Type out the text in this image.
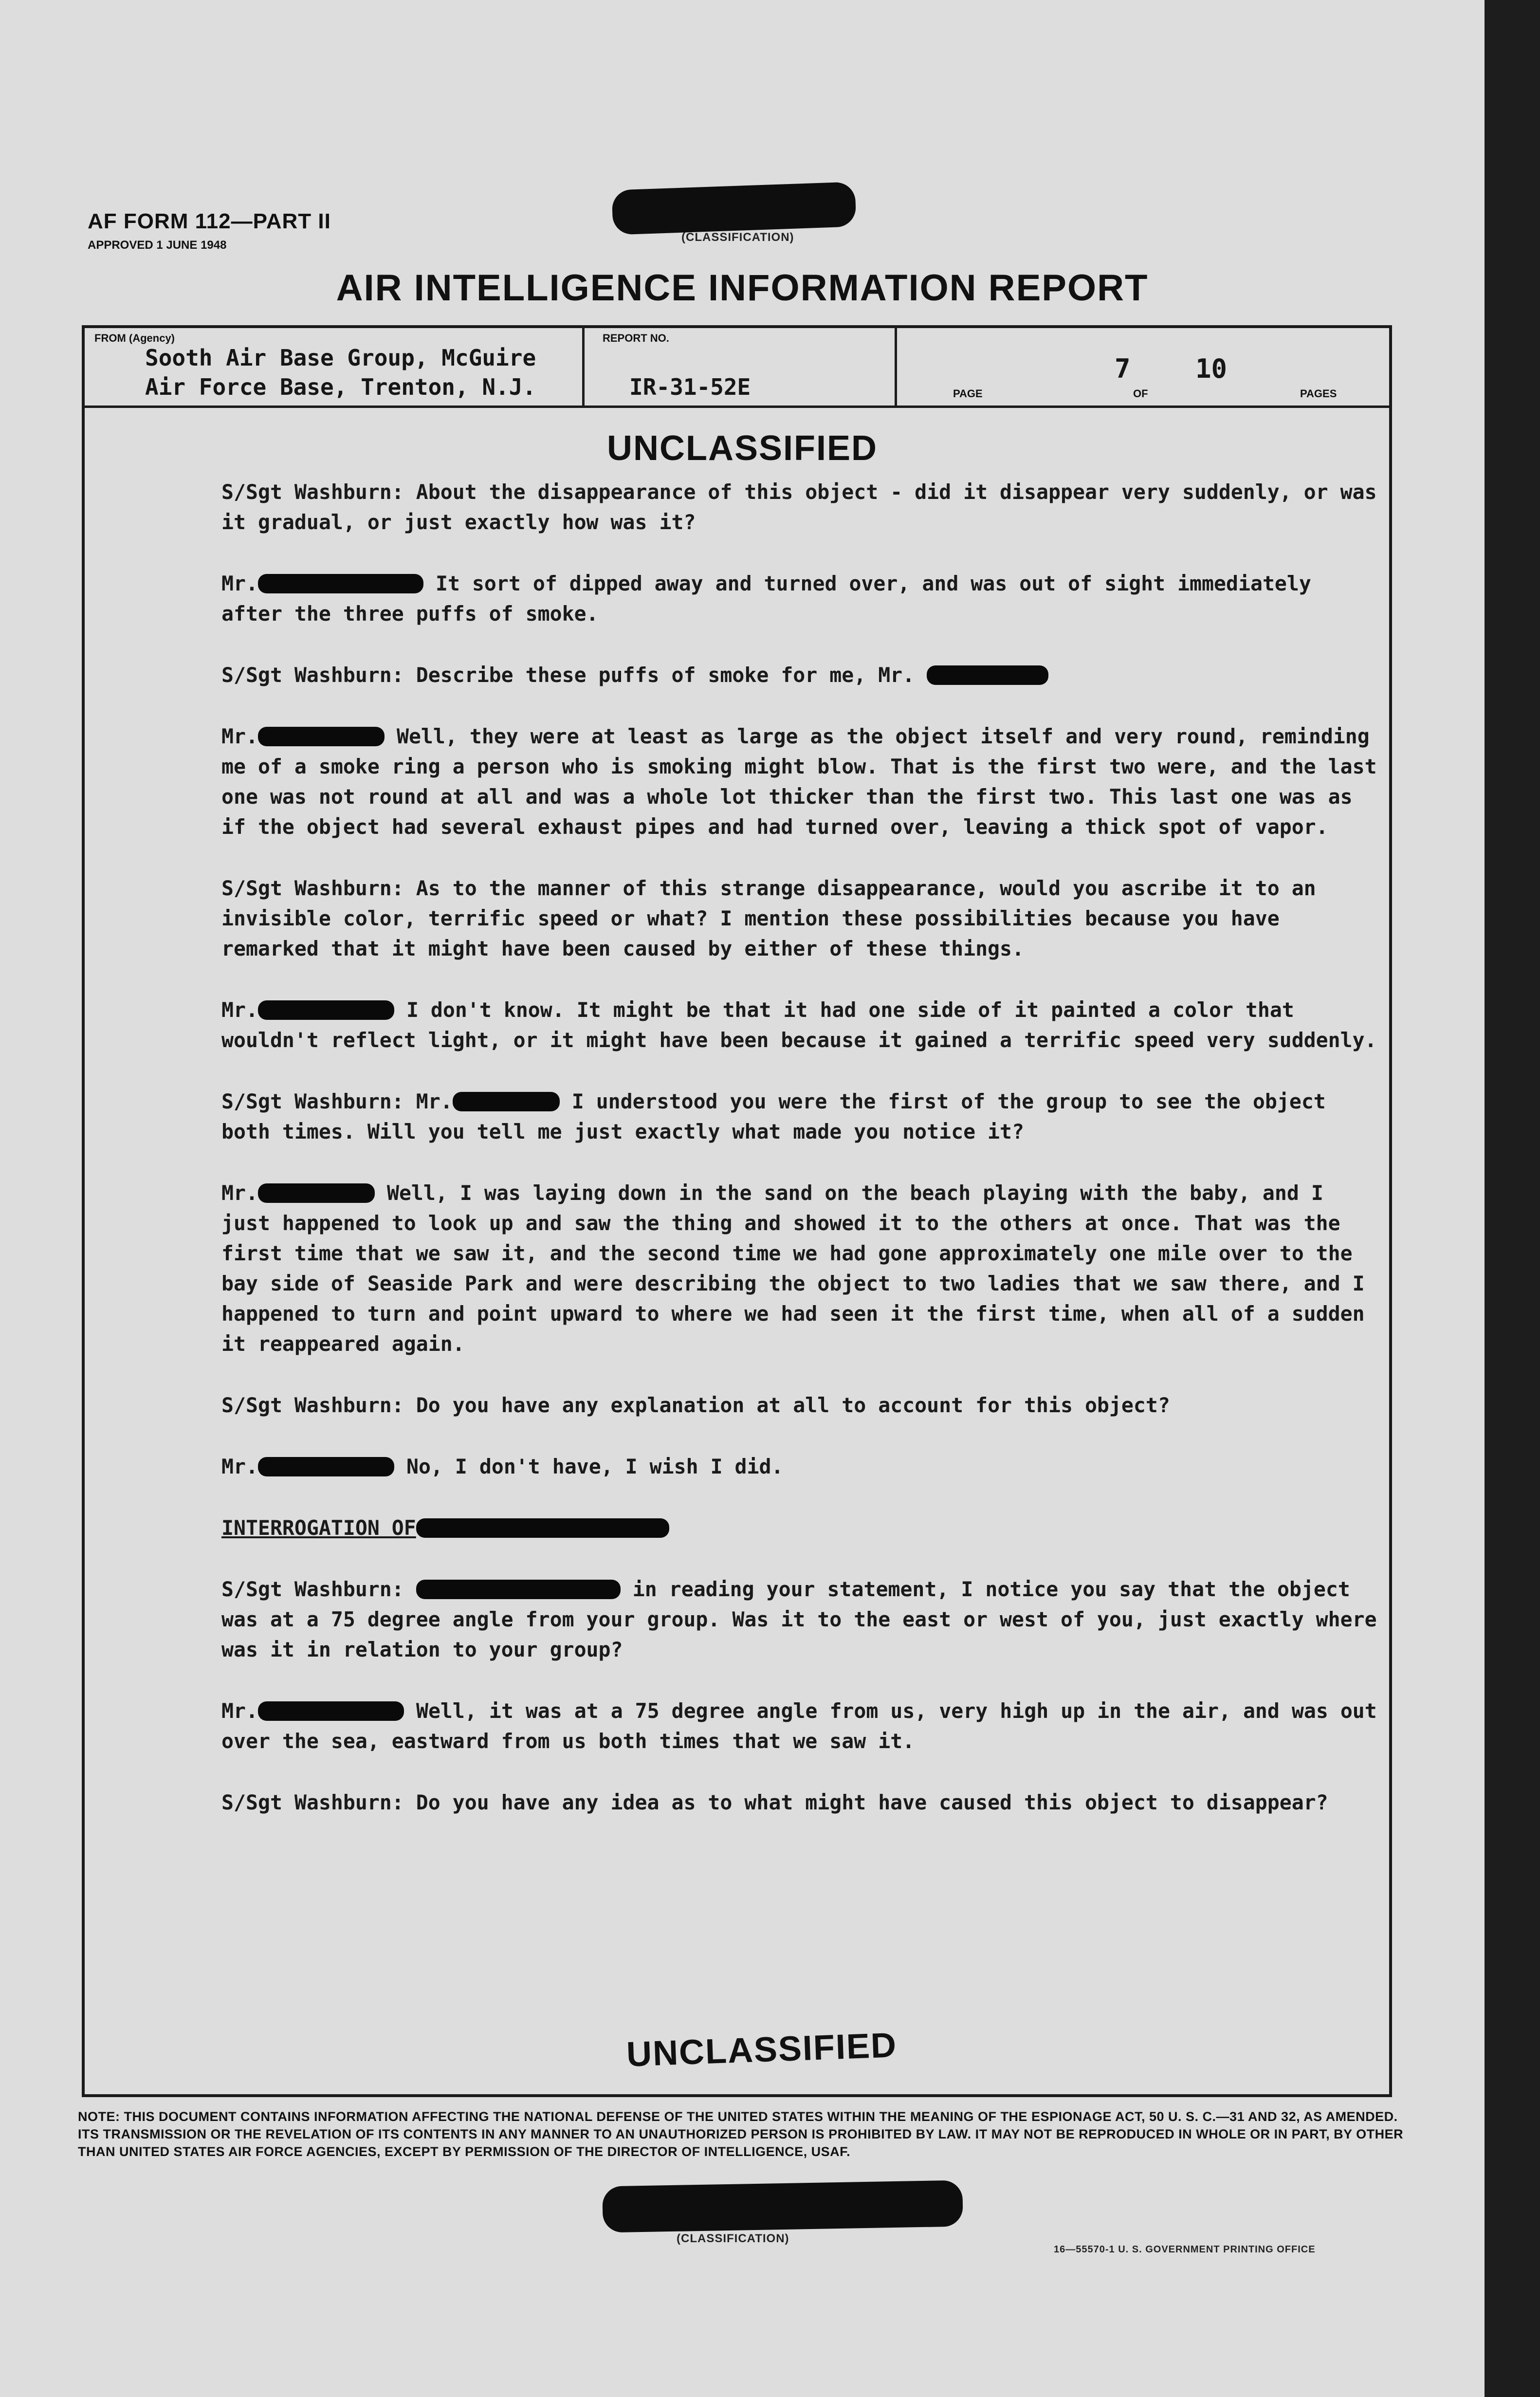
AF FORM 112—PART II
APPROVED 1 JUNE 1948
(CLASSIFICATION)
AIR INTELLIGENCE INFORMATION REPORT
FROM (Agency)
Sooth Air Base Group, McGuire
Air Force Base, Trenton, N.J.
REPORT NO.
IR-31-52E	PAGE
7
OF
10
PAGES
UNCLASSIFIED

S/Sgt Washburn: About the disappearance of this object - did it disappear very suddenly, or was it gradual, or just exactly how was it?

Mr.	It sort of dipped away and turned over, and was out of sight immediately after the three puffs of smoke.

S/Sgt Washburn: Describe these puffs of smoke for me, Mr.

Mr.	Well, they were at least as large as the object itself and very round, reminding me of a smoke ring a person who is smoking might blow. That is the first two were, and the last one was not round at all and was a whole lot thicker than the first two. This last one was as if the object had several exhaust pipes and had turned over, leaving a thick spot of vapor.

S/Sgt Washburn: As to the manner of this strange disappearance, would you ascribe it to an invisible color, terrific speed or what? I mention these possibilities because you have remarked that it might have been caused by either of these things.

Mr.	I don't know. It might be that it had one side of it painted a color that wouldn't reflect light, or it might have been because it gained a terrific speed very suddenly.

S/Sgt Washburn: Mr.	I understood you were the first of the group to see the object both times. Will you tell me just exactly what made you notice it?

Mr.	Well, I was laying down in the sand on the beach playing with the baby, and I just happened to look up and saw the thing and showed it to the others at once. That was the first time that we saw it, and the second time we had gone approximately one mile over to the bay side of Seaside Park and were describing the object to two ladies that we saw there, and I happened to turn and point upward to where we had seen it the first time, when all of a sudden it reappeared again.

S/Sgt Washburn: Do you have any explanation at all to account for this object?

Mr.	No, I don't have, I wish I did.

INTERROGATION OF

S/Sgt Washburn:	in reading your statement, I notice you say that the object was at a 75 degree angle from your group. Was it to the east or west of you, just exactly where was it in relation to your group?

Mr.	Well, it was at a 75 degree angle from us, very high up in the air, and was out over the sea, eastward from us both times that we saw it.

S/Sgt Washburn: Do you have any idea as to what might have caused this object to disappear?

UNCLASSIFIED
NOTE: THIS DOCUMENT CONTAINS INFORMATION AFFECTING THE NATIONAL DEFENSE OF THE UNITED STATES WITHIN THE MEANING OF THE ESPIONAGE ACT, 50 U. S. C.—31 AND 32, AS AMENDED. ITS TRANSMISSION OR THE REVELATION OF ITS CONTENTS IN ANY MANNER TO AN UNAUTHORIZED PERSON IS PROHIBITED BY LAW. IT MAY NOT BE REPRODUCED IN WHOLE OR IN PART, BY OTHER THAN UNITED STATES AIR FORCE AGENCIES, EXCEPT BY PERMISSION OF THE DIRECTOR OF INTELLIGENCE, USAF.
(CLASSIFICATION)
16—55570-1 U. S. GOVERNMENT PRINTING OFFICE
